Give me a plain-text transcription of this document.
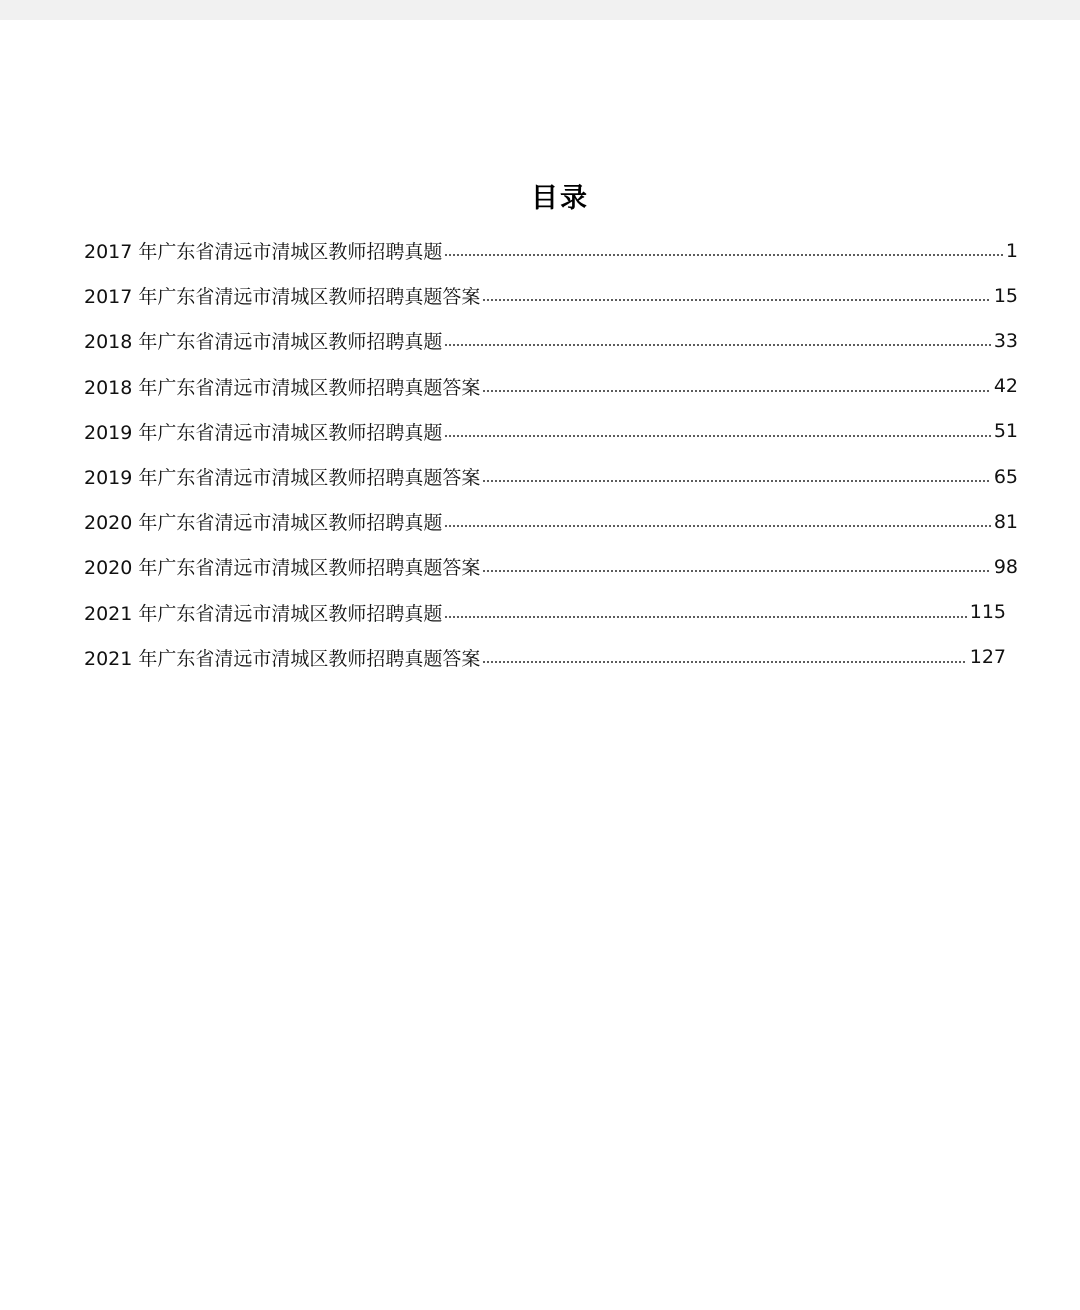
目录
2017 年广东省清远市清城区教师招聘真题	1
2017 年广东省清远市清城区教师招聘真题答案	15
2018 年广东省清远市清城区教师招聘真题	33
2018 年广东省清远市清城区教师招聘真题答案	42
2019 年广东省清远市清城区教师招聘真题	51
2019 年广东省清远市清城区教师招聘真题答案	65
2020 年广东省清远市清城区教师招聘真题	81
2020 年广东省清远市清城区教师招聘真题答案	98
2021 年广东省清远市清城区教师招聘真题	115
2021 年广东省清远市清城区教师招聘真题答案	127
